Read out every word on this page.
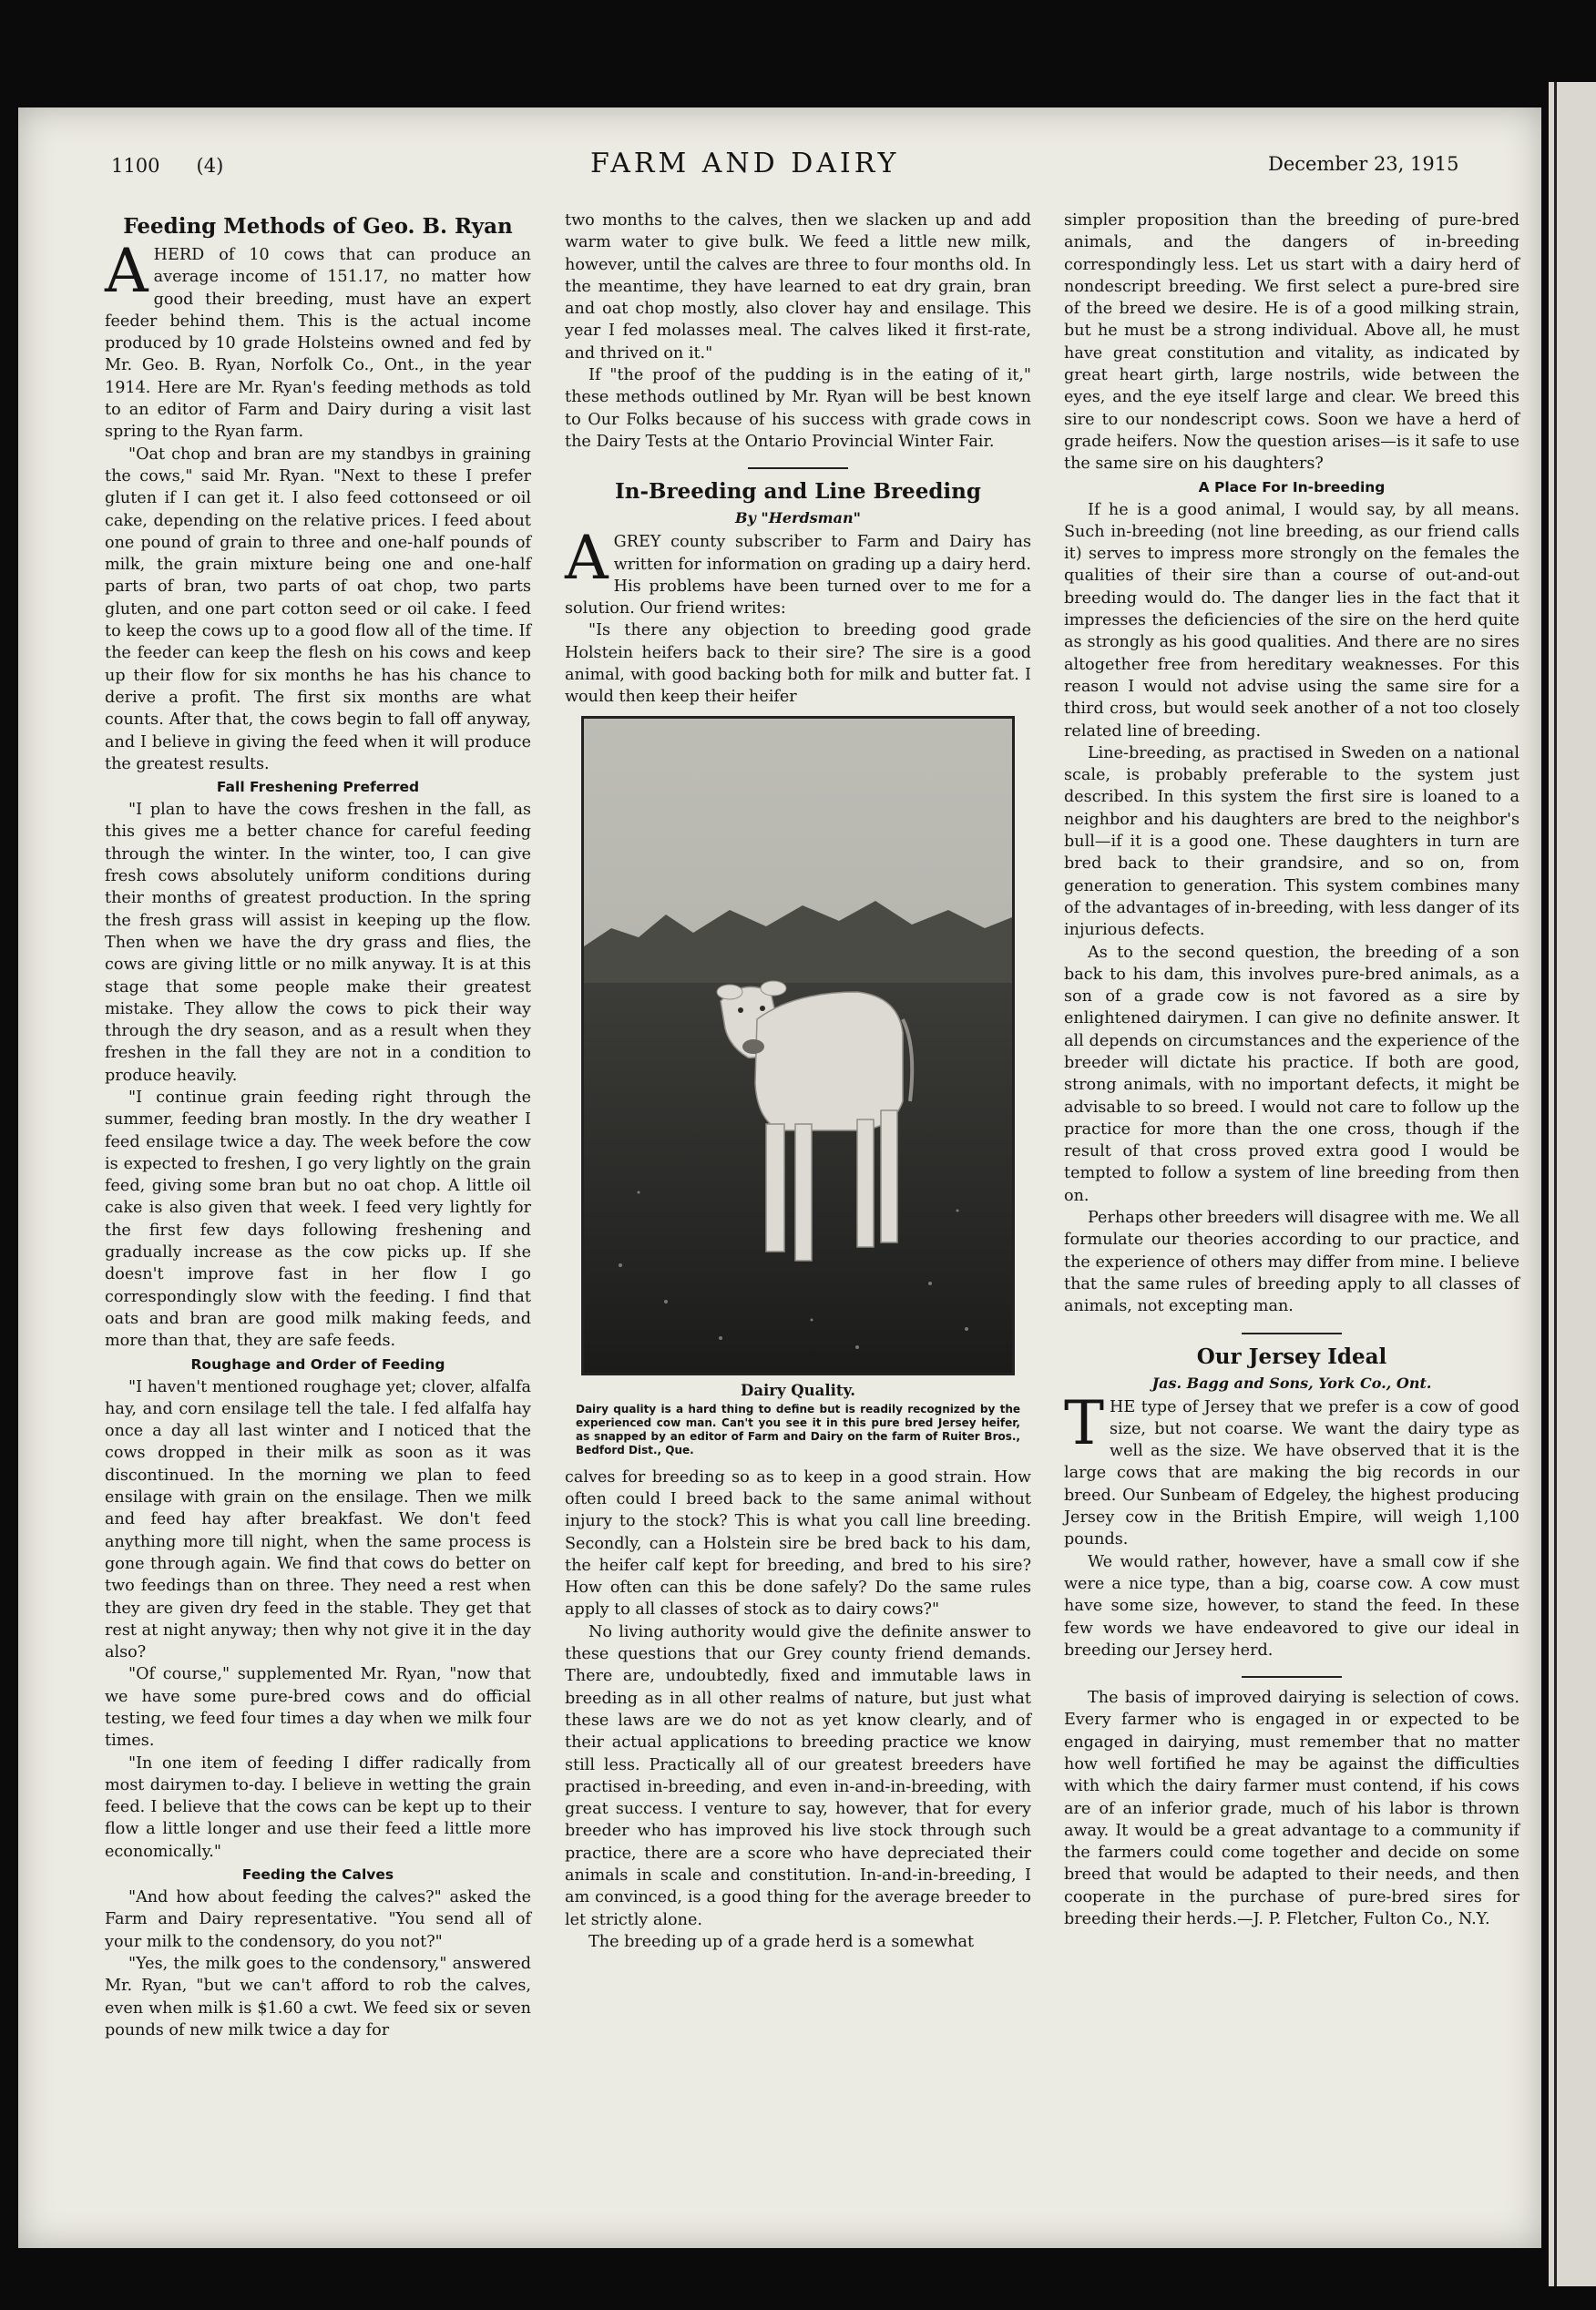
1100 (4)	FARM AND DAIRY	December 23, 1915
Feeding Methods of Geo. B. Ryan

AHERD of 10 cows that can produce an average income of 151.17, no matter how good their breeding, must have an expert feeder behind them. This is the actual income produced by 10 grade Holsteins owned and fed by Mr. Geo. B. Ryan, Norfolk Co., Ont., in the year 1914. Here are Mr. Ryan's feeding methods as told to an editor of Farm and Dairy during a visit last spring to the Ryan farm.

"Oat chop and bran are my standbys in graining the cows," said Mr. Ryan. "Next to these I prefer gluten if I can get it. I also feed cottonseed or oil cake, depending on the relative prices. I feed about one pound of grain to three and one-half pounds of milk, the grain mixture being one and one-half parts of bran, two parts of oat chop, two parts gluten, and one part cotton seed or oil cake. I feed to keep the cows up to a good flow all of the time. If the feeder can keep the flesh on his cows and keep up their flow for six months he has his chance to derive a profit. The first six months are what counts. After that, the cows begin to fall off anyway, and I believe in giving the feed when it will produce the greatest results.

Fall Freshening Preferred

"I plan to have the cows freshen in the fall, as this gives me a better chance for careful feeding through the winter. In the winter, too, I can give fresh cows absolutely uniform conditions during their months of greatest production. In the spring the fresh grass will assist in keeping up the flow. Then when we have the dry grass and flies, the cows are giving little or no milk anyway. It is at this stage that some people make their greatest mistake. They allow the cows to pick their way through the dry season, and as a result when they freshen in the fall they are not in a condition to produce heavily.

"I continue grain feeding right through the summer, feeding bran mostly. In the dry weather I feed ensilage twice a day. The week before the cow is expected to freshen, I go very lightly on the grain feed, giving some bran but no oat chop. A little oil cake is also given that week. I feed very lightly for the first few days following freshening and gradually increase as the cow picks up. If she doesn't improve fast in her flow I go correspondingly slow with the feeding. I find that oats and bran are good milk making feeds, and more than that, they are safe feeds.

Roughage and Order of Feeding

"I haven't mentioned roughage yet; clover, alfalfa hay, and corn ensilage tell the tale. I fed alfalfa hay once a day all last winter and I noticed that the cows dropped in their milk as soon as it was discontinued. In the morning we plan to feed ensilage with grain on the ensilage. Then we milk and feed hay after breakfast. We don't feed anything more till night, when the same process is gone through again. We find that cows do better on two feedings than on three. They need a rest when they are given dry feed in the stable. They get that rest at night anyway; then why not give it in the day also?

"Of course," supplemented Mr. Ryan, "now that we have some pure-bred cows and do official testing, we feed four times a day when we milk four times.

"In one item of feeding I differ radically from most dairymen to-day. I believe in wetting the grain feed. I believe that the cows can be kept up to their flow a little longer and use their feed a little more economically."

Feeding the Calves

"And how about feeding the calves?" asked the Farm and Dairy representative. "You send all of your milk to the condensory, do you not?"

"Yes, the milk goes to the condensory," answered Mr. Ryan, "but we can't afford to rob the calves, even when milk is $1.60 a cwt. We feed six or seven pounds of new milk twice a day for

two months to the calves, then we slacken up and add warm water to give bulk. We feed a little new milk, however, until the calves are three to four months old. In the meantime, they have learned to eat dry grain, bran and oat chop mostly, also clover hay and ensilage. This year I fed molasses meal. The calves liked it first-rate, and thrived on it."

If "the proof of the pudding is in the eating of it," these methods outlined by Mr. Ryan will be best known to Our Folks because of his success with grade cows in the Dairy Tests at the Ontario Provincial Winter Fair.

In-Breeding and Line Breeding
By "Herdsman"

AGREY county subscriber to Farm and Dairy has written for information on grading up a dairy herd. His problems have been turned over to me for a solution. Our friend writes:

"Is there any objection to breeding good grade Holstein heifers back to their sire? The sire is a good animal, with good backing both for milk and butter fat. I would then keep their heifer

Dairy Quality.
Dairy quality is a hard thing to define but is readily recognized by the experienced cow man. Can't you see it in this pure bred Jersey heifer, as snapped by an editor of Farm and Dairy on the farm of Ruiter Bros., Bedford Dist., Que.

calves for breeding so as to keep in a good strain. How often could I breed back to the same animal without injury to the stock? This is what you call line breeding. Secondly, can a Holstein sire be bred back to his dam, the heifer calf kept for breeding, and bred to his sire? How often can this be done safely? Do the same rules apply to all classes of stock as to dairy cows?"

No living authority would give the definite answer to these questions that our Grey county friend demands. There are, undoubtedly, fixed and immutable laws in breeding as in all other realms of nature, but just what these laws are we do not as yet know clearly, and of their actual applications to breeding practice we know still less. Practically all of our greatest breeders have practised in-breeding, and even in-and-in-breeding, with great success. I venture to say, however, that for every breeder who has improved his live stock through such practice, there are a score who have depreciated their animals in scale and constitution. In-and-in-breeding, I am convinced, is a good thing for the average breeder to let strictly alone.

The breeding up of a grade herd is a somewhat

simpler proposition than the breeding of pure-bred animals, and the dangers of in-breeding correspondingly less. Let us start with a dairy herd of nondescript breeding. We first select a pure-bred sire of the breed we desire. He is of a good milking strain, but he must be a strong individual. Above all, he must have great constitution and vitality, as indicated by great heart girth, large nostrils, wide between the eyes, and the eye itself large and clear. We breed this sire to our nondescript cows. Soon we have a herd of grade heifers. Now the question arises—is it safe to use the same sire on his daughters?

A Place For In-breeding

If he is a good animal, I would say, by all means. Such in-breeding (not line breeding, as our friend calls it) serves to impress more strongly on the females the qualities of their sire than a course of out-and-out breeding would do. The danger lies in the fact that it impresses the deficiencies of the sire on the herd quite as strongly as his good qualities. And there are no sires altogether free from hereditary weaknesses. For this reason I would not advise using the same sire for a third cross, but would seek another of a not too closely related line of breeding.

Line-breeding, as practised in Sweden on a national scale, is probably preferable to the system just described. In this system the first sire is loaned to a neighbor and his daughters are bred to the neighbor's bull—if it is a good one. These daughters in turn are bred back to their grandsire, and so on, from generation to generation. This system combines many of the advantages of in-breeding, with less danger of its injurious defects.

As to the second question, the breeding of a son back to his dam, this involves pure-bred animals, as a son of a grade cow is not favored as a sire by enlightened dairymen. I can give no definite answer. It all depends on circumstances and the experience of the breeder will dictate his practice. If both are good, strong animals, with no important defects, it might be advisable to so breed. I would not care to follow up the practice for more than the one cross, though if the result of that cross proved extra good I would be tempted to follow a system of line breeding from then on.

Perhaps other breeders will disagree with me. We all formulate our theories according to our practice, and the experience of others may differ from mine. I believe that the same rules of breeding apply to all classes of animals, not excepting man.

Our Jersey Ideal
Jas. Bagg and Sons, York Co., Ont.

THE type of Jersey that we prefer is a cow of good size, but not coarse. We want the dairy type as well as the size. We have observed that it is the large cows that are making the big records in our breed. Our Sunbeam of Edgeley, the highest producing Jersey cow in the British Empire, will weigh 1,100 pounds.

We would rather, however, have a small cow if she were a nice type, than a big, coarse cow. A cow must have some size, however, to stand the feed. In these few words we have endeavored to give our ideal in breeding our Jersey herd.

The basis of improved dairying is selection of cows. Every farmer who is engaged in or expected to be engaged in dairying, must remember that no matter how well fortified he may be against the difficulties with which the dairy farmer must contend, if his cows are of an inferior grade, much of his labor is thrown away. It would be a great advantage to a community if the farmers could come together and decide on some breed that would be adapted to their needs, and then cooperate in the purchase of pure-bred sires for breeding their herds.—J. P. Fletcher, Fulton Co., N.Y.
